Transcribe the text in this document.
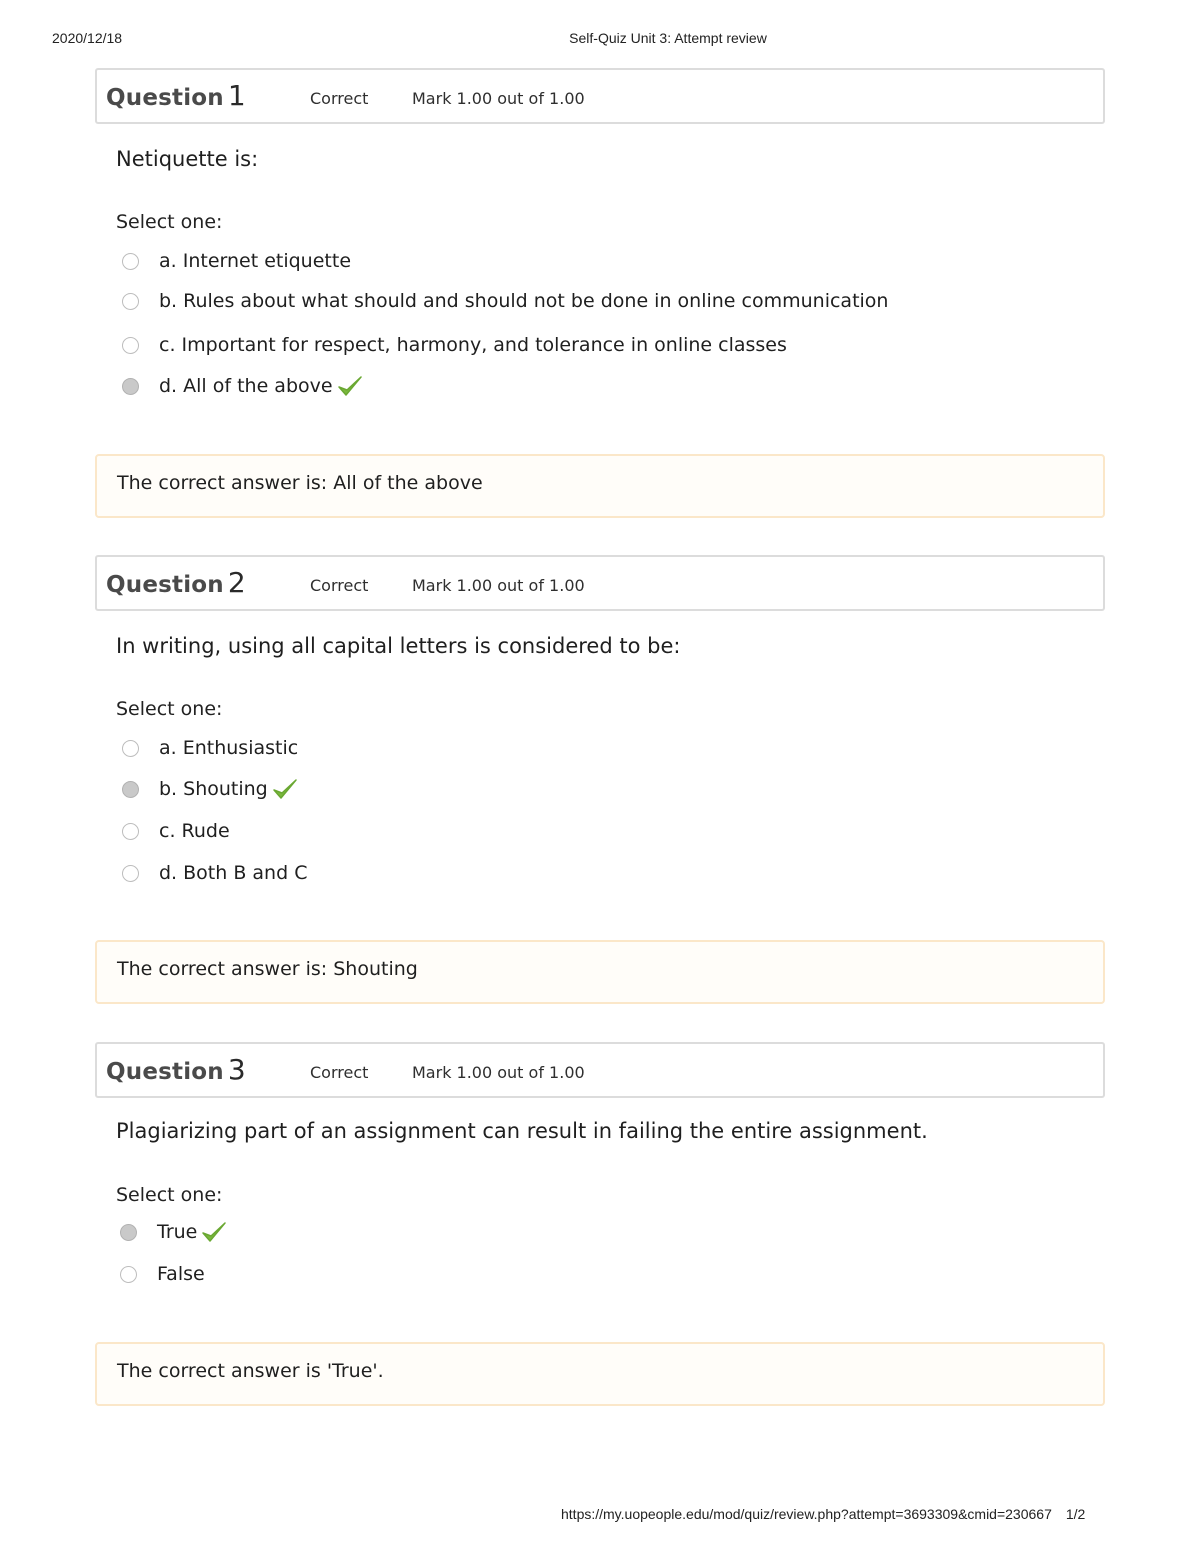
2020/12/18	Self-Quiz Unit 3: Attempt review
Question 1	Correct	Mark 1.00 out of 1.00
Netiquette is:
Select one:
a. Internet etiquette
b. Rules about what should and should not be done in online communication
c. Important for respect, harmony, and tolerance in online classes
d. All of the above
The correct answer is: All of the above
Question 2	Correct	Mark 1.00 out of 1.00
In writing, using all capital letters is considered to be:
Select one:
a. Enthusiastic
b. Shouting
c. Rude
d. Both B and C
The correct answer is: Shouting
Question 3	Correct	Mark 1.00 out of 1.00
Plagiarizing part of an assignment can result in failing the entire assignment.
Select one:
True
False
The correct answer is 'True'.
https://my.uopeople.edu/mod/quiz/review.php?attempt=3693309&cmid=230667 1/2
